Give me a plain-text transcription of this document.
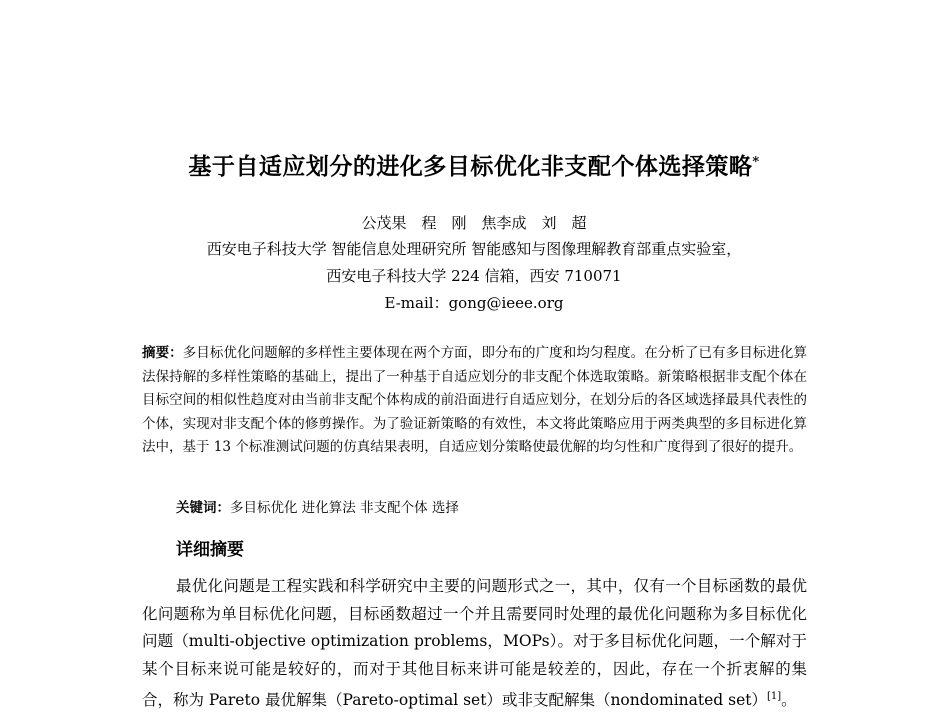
基于自适应划分的进化多目标优化非支配个体选择策略*
公茂果　程　刚　焦李成　刘　超
西安电子科技大学 智能信息处理研究所 智能感知与图像理解教育部重点实验室，
西安电子科技大学 224 信箱，西安 710071
E-mail：gong@ieee.org
摘要：多目标优化问题解的多样性主要体现在两个方面，即分布的广度和均匀程度。在分析了已有多目标进化算法保持解的多样性策略的基础上，提出了一种基于自适应划分的非支配个体选取策略。新策略根据非支配个体在目标空间的相似性趋度对由当前非支配个体构成的前沿面进行自适应划分，在划分后的各区域选择最具代表性的个体，实现对非支配个体的修剪操作。为了验证新策略的有效性，本文将此策略应用于两类典型的多目标进化算法中，基于 13 个标准测试问题的仿真结果表明，自适应划分策略使最优解的均匀性和广度得到了很好的提升。
关键词：多目标优化 进化算法 非支配个体 选择
详细摘要
最优化问题是工程实践和科学研究中主要的问题形式之一，其中，仅有一个目标函数的最优化问题称为单目标优化问题，目标函数超过一个并且需要同时处理的最优化问题称为多目标优化问题（multi-objective optimization problems，MOPs）。对于多目标优化问题，一个解对于某个目标来说可能是较好的，而对于其他目标来讲可能是较差的，因此，存在一个折衷解的集合，称为 Pareto 最优解集（Pareto-optimal set）或非支配解集（nondominated set）[1]。
